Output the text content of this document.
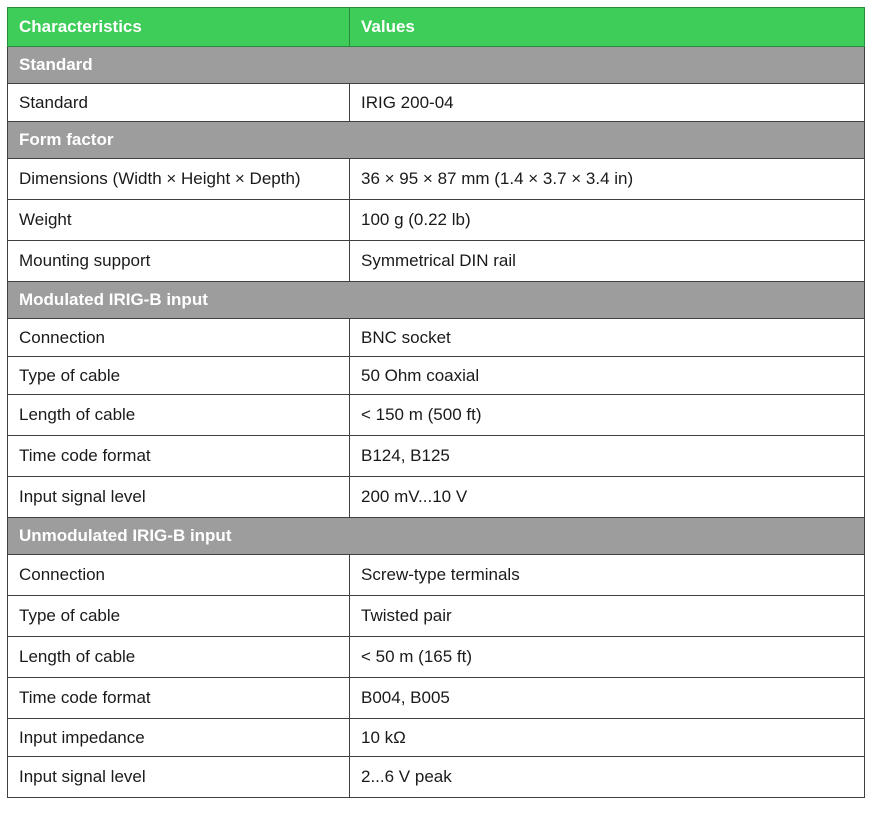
Characteristics	Values
Standard	
Standard	IRIG 200-04
Form factor	
Dimensions (Width × Height × Depth)	36 × 95 × 87 mm (1.4 × 3.7 × 3.4 in)
Weight	100 g (0.22 lb)
Mounting support	Symmetrical DIN rail
Modulated IRIG-B input	
Connection	BNC socket
Type of cable	50 Ohm coaxial
Length of cable	< 150 m (500 ft)
Time code format	B124, B125
Input signal level	200 mV...10 V
Unmodulated IRIG-B input	
Connection	Screw-type terminals
Type of cable	Twisted pair
Length of cable	< 50 m (165 ft)
Time code format	B004, B005
Input impedance	10 kΩ
Input signal level	2...6 V peak
